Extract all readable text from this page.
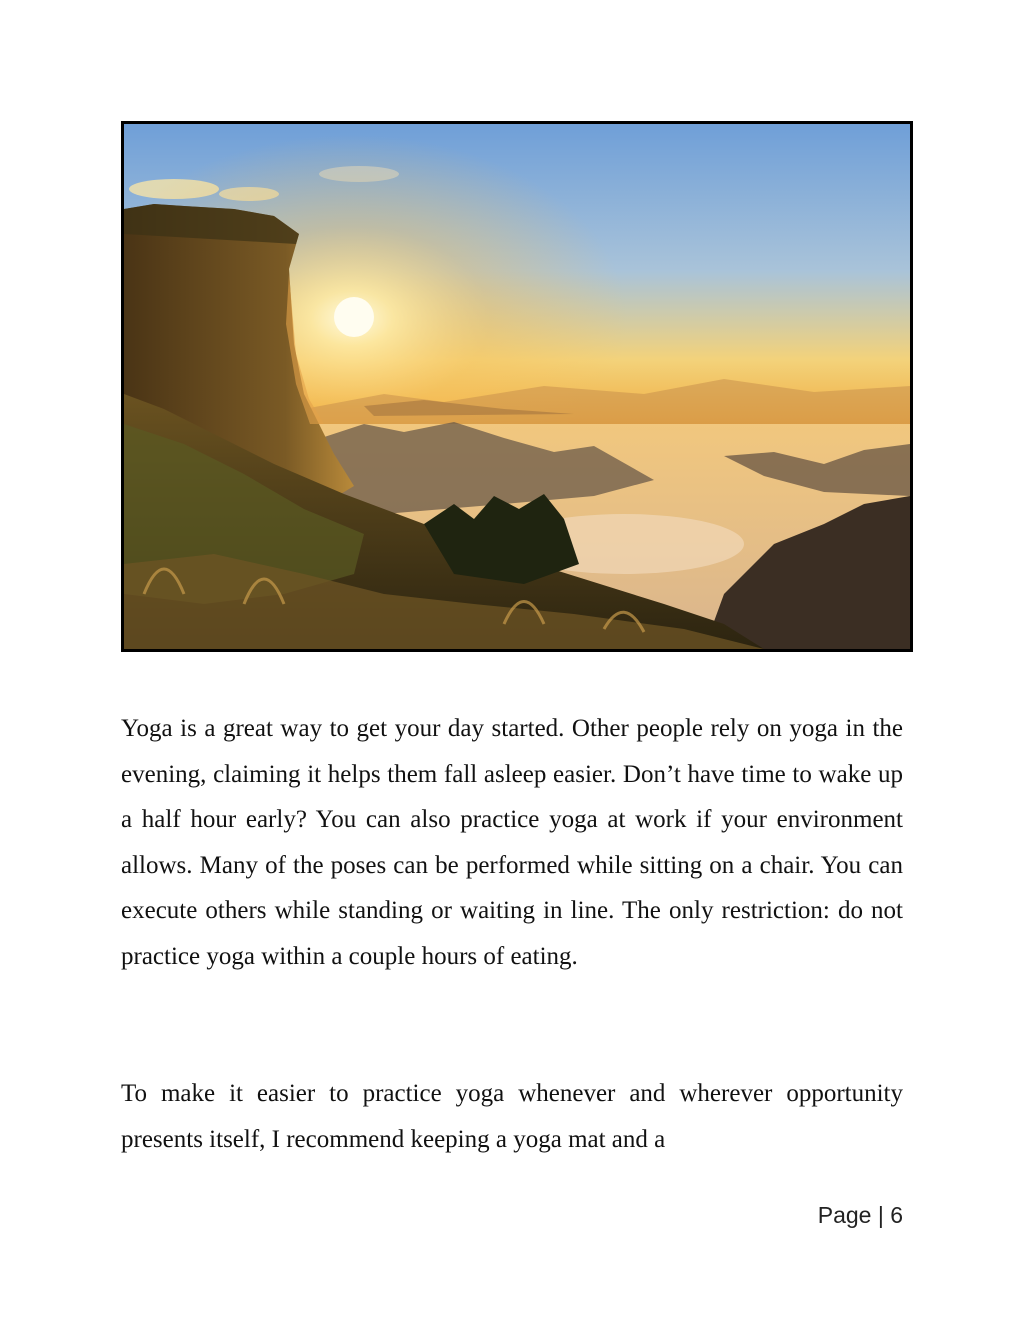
Yoga is a great way to get your day started. Other people rely on yoga in the evening, claiming it helps them fall asleep easier. Don’t have time to wake up a half hour early? You can also practice yoga at work if your environment allows. Many of the poses can be performed while sitting on a chair. You can execute others while standing or waiting in line. The only restriction: do not practice yoga within a couple hours of eating.

To make it easier to practice yoga whenever and wherever opportunity presents itself, I recommend keeping a yoga mat and a

Page | 6
